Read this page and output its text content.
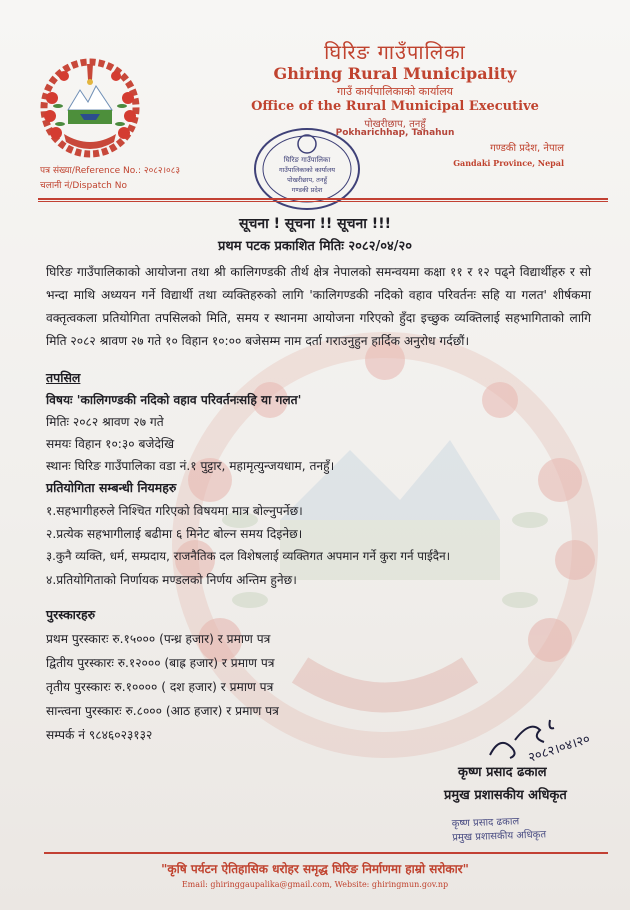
घिरिङ गाउँपालिका
Ghiring Rural Municipality
गाउँ कार्यपालिकाको कार्यालय
Office of the Rural Municipal Executive
पोखरीछाप, तनहुँ
Pokharichhap, Tanahun
गण्डकी प्रदेश, नेपाल
Gandaki Province, Nepal
पत्र संख्या/Reference No.: २०८२।०८३
चलानी नं/Dispatch No
घिरिङ गाउँपालिका
गाउँपालिकाको कार्यालय
पोखरीछाप, तनहुँ
गण्डकी प्रदेश
सूचना ! सूचना !! सूचना !!!
प्रथम पटक प्रकाशित मितिः २०८२/०४/२०
घिरिङ गाउँपालिकाको आयोजना तथा श्री कालिगण्डकी तीर्थ क्षेत्र नेपालको समन्वयमा कक्षा ११ र १२ पढ्ने विद्यार्थीहरु र सो भन्दा माथि अध्ययन गर्ने विद्यार्थी तथा व्यक्तिहरुको लागि 'कालिगण्डकी नदिको वहाव परिवर्तनः सहि या गलत' शीर्षकमा वक्तृत्वकला प्रतियोगिता तपसिलको मिति, समय र स्थानमा आयोजना गरिएको हुँदा इच्छुक व्यक्तिलाई सहभागिताको लागि मिति २०८२ श्रावण २७ गते १० विहान १०:०० बजेसम्म नाम दर्ता गराउनुहुन हार्दिक अनुरोध गर्दछौं।
तपसिल
विषयः 'कालिगण्डकी नदिको वहाव परिवर्तनःसहि या गलत'
मितिः २०८२ श्रावण २७ गते
समयः विहान १०:३० बजेदेखि
स्थानः घिरिङ गाउँपालिका वडा नं.१ पुट्टार, महामृत्युन्जयधाम, तनहुँ।
प्रतियोगिता सम्बन्धी नियमहरु
१.सहभागीहरुले निश्चित गरिएको विषयमा मात्र बोल्नुपर्नेछ।
२.प्रत्येक सहभागीलाई बढीमा ६ मिनेट बोल्न समय दिइनेछ।
३.कुनै व्यक्ति, धर्म, सम्प्रदाय, राजनैतिक दल विशेषलाई व्यक्तिगत अपमान गर्ने कुरा गर्न पाईदैन।
४.प्रतियोगिताको निर्णायक मण्डलको निर्णय अन्तिम हुनेछ।
पुरस्कारहरु
प्रथम पुरस्कारः रु.१५००० (पन्ध्र हजार) र प्रमाण पत्र
द्वितीय पुरस्कारः रु.१२००० (बाह्र हजार) र प्रमाण पत्र
तृतीय पुरस्कारः रु.१०००० ( दश हजार) र प्रमाण पत्र
सान्त्वना पुरस्कारः रु.८००० (आठ हजार) र प्रमाण पत्र
सम्पर्क नं ९८४६०२३१३२	२०८२।०४।२०
कृष्ण प्रसाद ढकाल
प्रमुख प्रशासकीय अधिकृत
कृष्ण प्रसाद ढकाल
प्रमुख प्रशासकीय अधिकृत
"कृषि पर्यटन ऐतिहासिक धरोहर समृद्ध घिरिङ निर्माणमा हाम्रो सरोकार"
Email: ghiringgaupalika@gmail.com, Website: ghiringmun.gov.np
